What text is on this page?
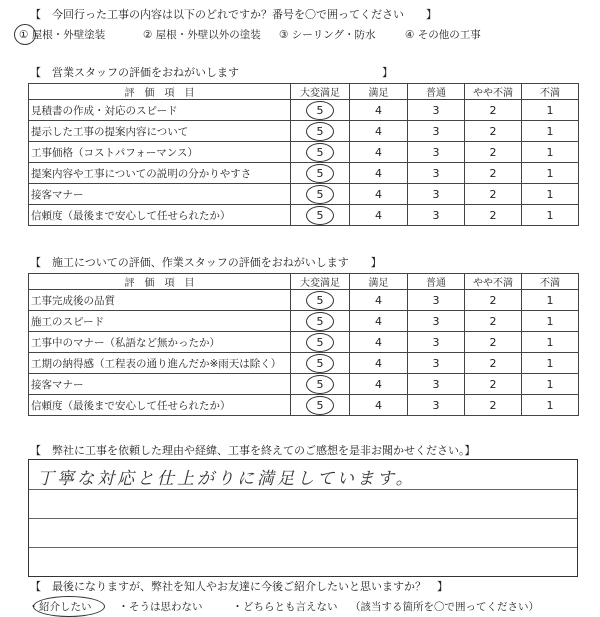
【　今回行った工事の内容は以下のどれですか？番号を〇で囲ってください　　】
① 屋根・外壁塗装	② 屋根・外壁以外の塗装 ③ シーリング・防水	④ その他の工事
【　営業スタッフの評価をおねがいします　　　　　　　　　　　　　】
評　価　項　目	大変満足	満足	普通	やや不満	不満
見積書の作成・対応のスピード	5	4	3	2	1
提示した工事の提案内容について	5	4	3	2	1
工事価格（コストパフォーマンス）	5	4	3	2	1
提案内容や工事についての説明の分かりやすさ	5	4	3	2	1
接客マナー	5	4	3	2	1
信頼度（最後まで安心して任せられたか）	5	4	3	2	1
【　施工についての評価、作業スタッフの評価をおねがいします　　】
評　価　項　目	大変満足	満足	普通	やや不満	不満
工事完成後の品質	5	4	3	2	1
施工のスピード	5	4	3	2	1
工事中のマナー（私語など無かったか）	5	4	3	2	1
工期の納得感（工程表の通り進んだか※雨天は除く）	5	4	3	2	1
接客マナー	5	4	3	2	1
信頼度（最後まで安心して任せられたか）	5	4	3	2	1
【　弊社に工事を依頼した理由や経緯、工事を終えてのご感想を是非お聞かせください。】
丁寧な対応と仕上がりに満足しています。
【　最後になりますが、弊社を知人やお友達に今後ご紹介したいと思いますか？　】
・紹介したい ・そうは思わない	・どちらとも言えない （該当する箇所を〇で囲ってください）
